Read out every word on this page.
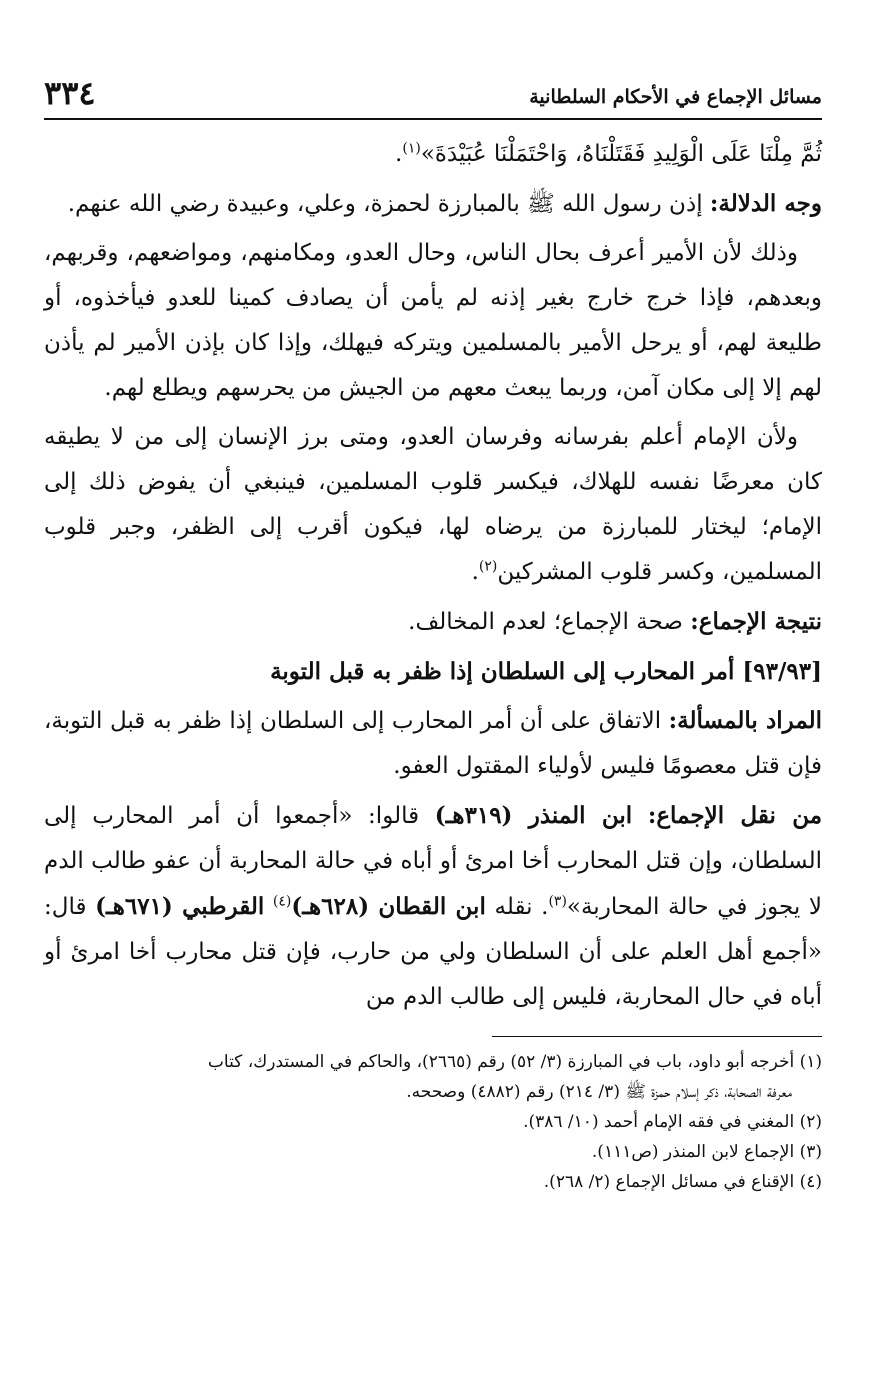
مسائل الإجماع في الأحكام السلطانية
٣٣٤

ثُمَّ مِلْنَا عَلَى الْوَلِيدِ فَقَتَلْنَاهُ، وَاحْتَمَلْنَا عُبَيْدَةَ»$^{(١)}$.

وجه الدلالة: إذن رسول الله ﷺ بالمبارزة لحمزة، وعلي، وعبيدة رضي الله عنهم.

وذلك لأن الأمير أعرف بحال الناس، وحال العدو، ومكامنهم، ومواضعهم، وقربهم، وبعدهم، فإذا خرج خارج بغير إذنه لم يأمن أن يصادف كمينا للعدو فيأخذوه، أو طليعة لهم، أو يرحل الأمير بالمسلمين ويتركه فيهلك، وإذا كان بإذن الأمير لم يأذن لهم إلا إلى مكان آمن، وربما يبعث معهم من الجيش من يحرسهم ويطلع لهم.

ولأن الإمام أعلم بفرسانه وفرسان العدو، ومتى برز الإنسان إلى من لا يطيقه كان معرضًا نفسه للهلاك، فيكسر قلوب المسلمين، فينبغي أن يفوض ذلك إلى الإمام؛ ليختار للمبارزة من يرضاه لها، فيكون أقرب إلى الظفر، وجبر قلوب المسلمين، وكسر قلوب المشركين$^{(٢)}$.

نتيجة الإجماع: صحة الإجماع؛ لعدم المخالف.

[٩٣/٩٣] أمر المحارب إلى السلطان إذا ظفر به قبل التوبة

المراد بالمسألة: الاتفاق على أن أمر المحارب إلى السلطان إذا ظفر به قبل التوبة، فإن قتل معصومًا فليس لأولياء المقتول العفو.

من نقل الإجماع: ابن المنذر (٣١٩هـ) قالوا: «أجمعوا أن أمر المحارب إلى السلطان، وإن قتل المحارب أخا امرئ أو أباه في حالة المحاربة أن عفو طالب الدم لا يجوز في حالة المحاربة»$^{(٣)}$. نقله ابن القطان (٦٢٨هـ)$^{(٤)}$ القرطبي (٦٧١هـ) قال: «أجمع أهل العلم على أن السلطان ولي من حارب، فإن قتل محارب أخا امرئ أو أباه في حال المحاربة، فليس إلى طالب الدم من

(١) أخرجه أبو داود، باب في المبارزة (٣/ ٥٢) رقم (٢٦٦٥)، والحاكم في المستدرك، كتاب

معرفة الصحابة، ذكر إسلام حمزة ﷺ (٣/ ٢١٤) رقم (٤٨٨٢) وصححه.

(٢) المغني في فقه الإمام أحمد (١٠/ ٣٨٦).

(٣) الإجماع لابن المنذر (ص١١١).

(٤) الإقناع في مسائل الإجماع (٢/ ٢٦٨).
